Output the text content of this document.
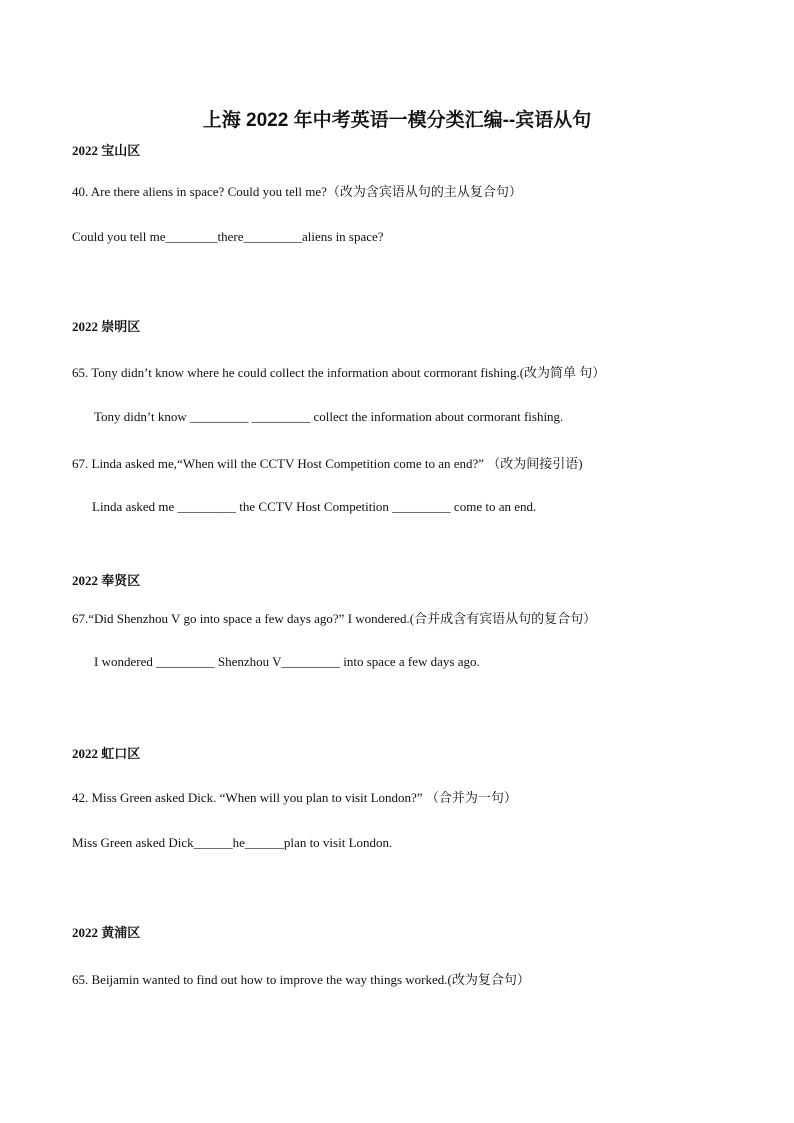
上海 2022 年中考英语一模分类汇编--宾语从句
2022 宝山区
40. Are there aliens in space? Could you tell me?（改为含宾语从句的主从复合句）
Could you tell me________there_________aliens in space?
2022 崇明区
65. Tony didn’t know where he could collect the information about cormorant fishing.(改为简单 句）
Tony didn’t know _________ _________ collect the information about cormorant fishing.
67. Linda asked me,“When will the CCTV Host Competition come to an end?” （改为间接引语)
Linda asked me _________ the CCTV Host Competition _________ come to an end.
2022 奉贤区
67.“Did Shenzhou V go into space a few days ago?” I wondered.(合并成含有宾语从句的复合句）
I wondered _________ Shenzhou V_________ into space a few days ago.
2022 虹口区
42. Miss Green asked Dick. “When will you plan to visit London?” （合并为一句）
Miss Green asked Dick______he______plan to visit London.
2022 黄浦区
65. Beijamin wanted to find out how to improve the way things worked.(改为复合句）
